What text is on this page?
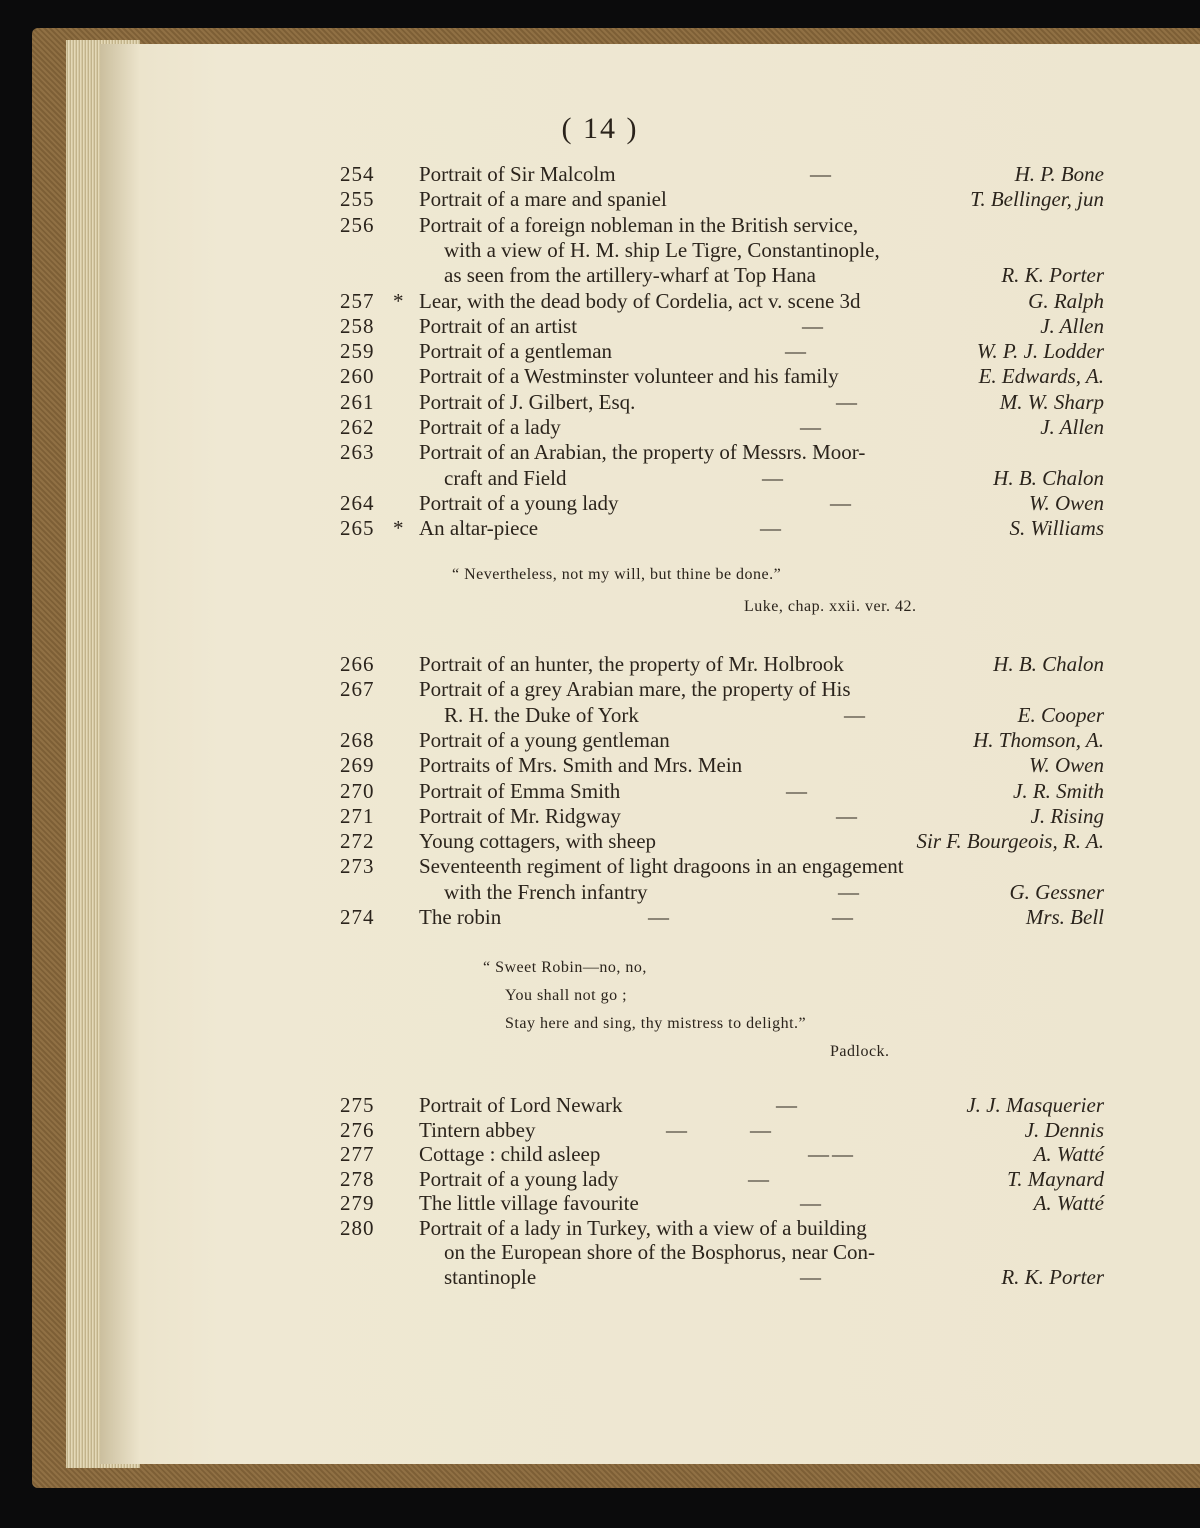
( 14 )
254 Portrait of Sir Malcolm	—	H. P. Bone
255 Portrait of a mare and spaniel	T. Bellinger, jun
256 Portrait of a foreign nobleman in the British service,
with a view of H. M. ship Le Tigre, Constantinople,
as seen from the artillery-wharf at Top Hana	R. K. Porter
257 * Lear, with the dead body of Cordelia, act v. scene 3d	G. Ralph
258 Portrait of an artist	—	J. Allen
259 Portrait of a gentleman	—	W. P. J. Lodder
260 Portrait of a Westminster volunteer and his family	E. Edwards, A.
261 Portrait of J. Gilbert, Esq.	—	M. W. Sharp
262 Portrait of a lady	—	J. Allen
263 Portrait of an Arabian, the property of Messrs. Moor-
craft and Field	—	H. B. Chalon
264 Portrait of a young lady	—	W. Owen
265 * An altar-piece	—	S. Williams
“ Nevertheless, not my will, but thine be done.”
Luke, chap. xxii. ver. 42.
266 Portrait of an hunter, the property of Mr. Holbrook	H. B. Chalon
267 Portrait of a grey Arabian mare, the property of His
R. H. the Duke of York	—	E. Cooper
268 Portrait of a young gentleman	H. Thomson, A.
269 Portraits of Mrs. Smith and Mrs. Mein	W. Owen
270 Portrait of Emma Smith	—	J. R. Smith
271 Portrait of Mr. Ridgway	—	J. Rising
272 Young cottagers, with sheep	Sir F. Bourgeois, R. A.
273 Seventeenth regiment of light dragoons in an engagement
with the French infantry	—	G. Gessner
274 The robin	—	—	Mrs. Bell
“ Sweet Robin—no, no,
You shall not go ;
Stay here and sing, thy mistress to delight.”
Padlock.
275 Portrait of Lord Newark	—	J. J. Masquerier
276 Tintern abbey	—	—	J. Dennis
277 Cottage : child asleep	— —	A. Watté
278 Portrait of a young lady	—	T. Maynard
279 The little village favourite	—	A. Watté
280 Portrait of a lady in Turkey, with a view of a building
on the European shore of the Bosphorus, near Con-
stantinople	—	R. K. Porter
